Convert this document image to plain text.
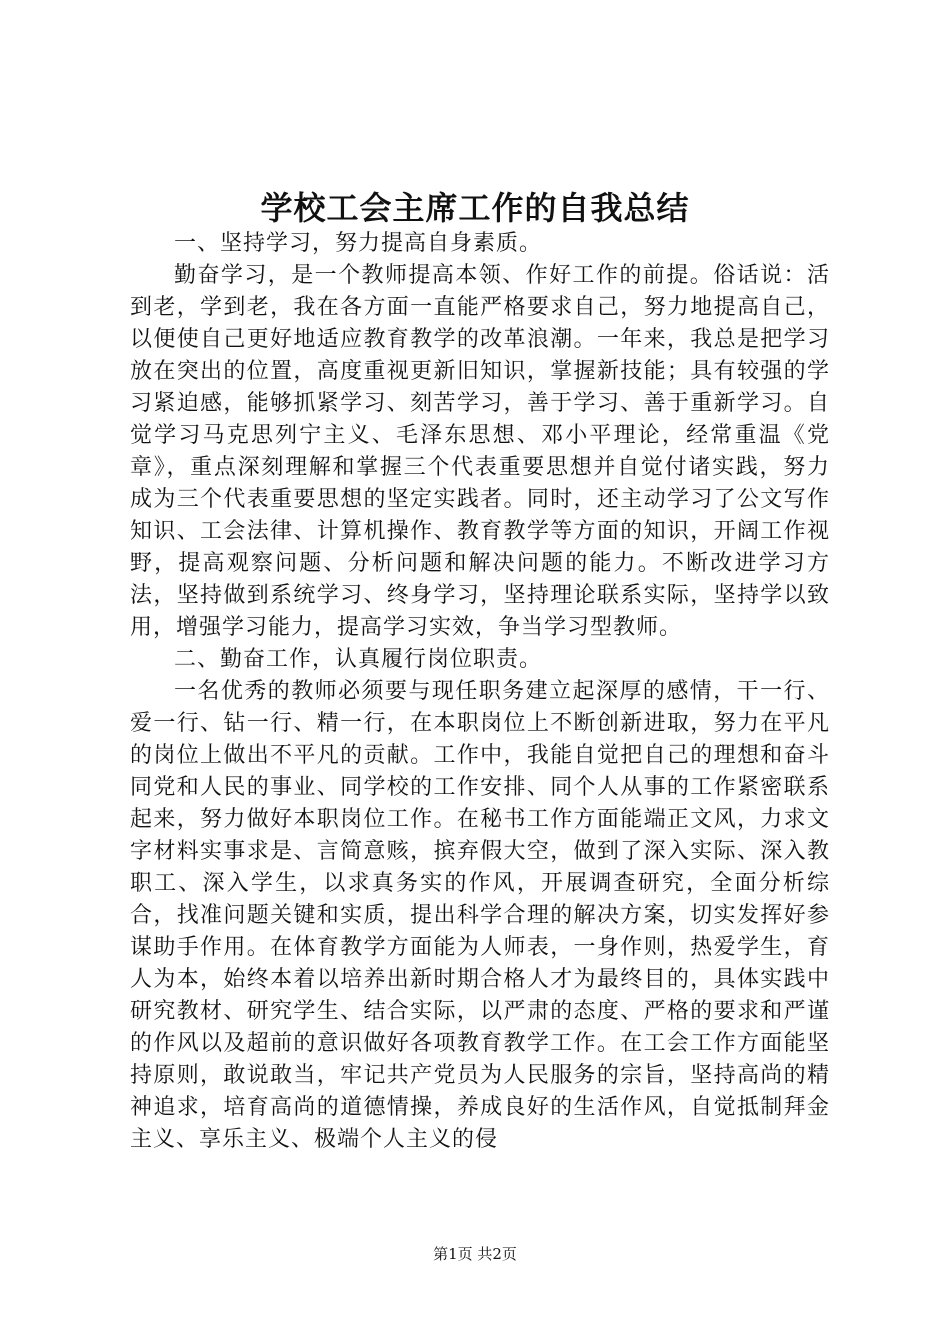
学校工会主席工作的自我总结

一、坚持学习，努力提高自身素质。

勤奋学习，是一个教师提高本领、作好工作的前提。俗话说：活到老，学到老，我在各方面一直能严格要求自己，努力地提高自己，以便使自己更好地适应教育教学的改革浪潮。一年来，我总是把学习放在突出的位置，高度重视更新旧知识，掌握新技能；具有较强的学习紧迫感，能够抓紧学习、刻苦学习，善于学习、善于重新学习。自觉学习马克思列宁主义、毛泽东思想、邓小平理论，经常重温《党章》，重点深刻理解和掌握三个代表重要思想并自觉付诸实践，努力成为三个代表重要思想的坚定实践者。同时，还主动学习了公文写作知识、工会法律、计算机操作、教育教学等方面的知识，开阔工作视野，提高观察问题、分析问题和解决问题的能力。不断改进学习方法，坚持做到系统学习、终身学习，坚持理论联系实际，坚持学以致用，增强学习能力，提高学习实效，争当学习型教师。

二、勤奋工作，认真履行岗位职责。

一名优秀的教师必须要与现任职务建立起深厚的感情，干一行、爱一行、钻一行、精一行，在本职岗位上不断创新进取，努力在平凡的岗位上做出不平凡的贡献。工作中，我能自觉把自己的理想和奋斗同党和人民的事业、同学校的工作安排、同个人从事的工作紧密联系起来，努力做好本职岗位工作。在秘书工作方面能端正文风，力求文字材料实事求是、言简意赅，摈弃假大空，做到了深入实际、深入教职工、深入学生，以求真务实的作风，开展调查研究，全面分析综合，找准问题关键和实质，提出科学合理的解决方案，切实发挥好参谋助手作用。在体育教学方面能为人师表，一身作则，热爱学生，育人为本，始终本着以培养出新时期合格人才为最终目的，具体实践中研究教材、研究学生、结合实际，以严肃的态度、严格的要求和严谨的作风以及超前的意识做好各项教育教学工作。在工会工作方面能坚持原则，敢说敢当，牢记共产党员为人民服务的宗旨，坚持高尚的精神追求，培育高尚的道德情操，养成良好的生活作风，自觉抵制拜金主义、享乐主义、极端个人主义的侵

第1页 共2页
